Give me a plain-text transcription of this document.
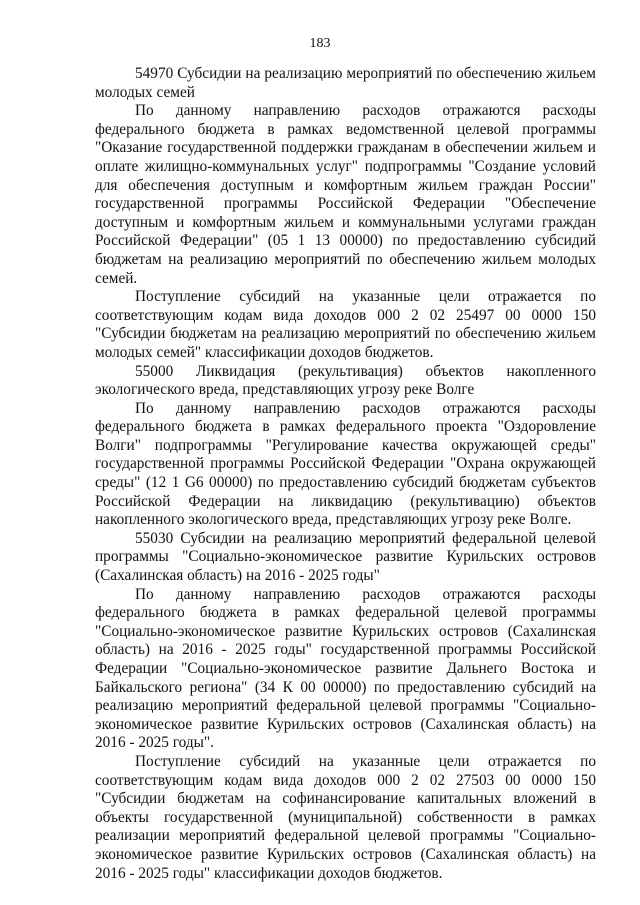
183

54970 Субсидии на реализацию мероприятий по обеспечению жильем молодых семей

По данному направлению расходов отражаются расходы федерального бюджета в рамках ведомственной целевой программы "Оказание государственной поддержки гражданам в обеспечении жильем и оплате жилищно-коммунальных услуг" подпрограммы "Создание условий для обеспечения доступным и комфортным жильем граждан России" государственной программы Российской Федерации "Обеспечение доступным и комфортным жильем и коммунальными услугами граждан Российской Федерации" (05 1 13 00000) по предоставлению субсидий бюджетам на реализацию мероприятий по обеспечению жильем молодых семей.

Поступление субсидий на указанные цели отражается по соответствующим кодам вида доходов 000 2 02 25497 00 0000 150 "Субсидии бюджетам на реализацию мероприятий по обеспечению жильем молодых семей" классификации доходов бюджетов.

55000 Ликвидация (рекультивация) объектов накопленного экологического вреда, представляющих угрозу реке Волге

По данному направлению расходов отражаются расходы федерального бюджета в рамках федерального проекта "Оздоровление Волги" подпрограммы "Регулирование качества окружающей среды" государственной программы Российской Федерации "Охрана окружающей среды" (12 1 G6 00000) по предоставлению субсидий бюджетам субъектов Российской Федерации на ликвидацию (рекультивацию) объектов накопленного экологического вреда, представляющих угрозу реке Волге.

55030 Субсидии на реализацию мероприятий федеральной целевой программы "Социально-экономическое развитие Курильских островов (Сахалинская область) на 2016 - 2025 годы"

По данному направлению расходов отражаются расходы федерального бюджета в рамках федеральной целевой программы "Социально-экономическое развитие Курильских островов (Сахалинская область) на 2016 - 2025 годы" государственной программы Российской Федерации "Социально-экономическое развитие Дальнего Востока и Байкальского региона" (34 К 00 00000) по предоставлению субсидий на реализацию мероприятий федеральной целевой программы "Социально-экономическое развитие Курильских островов (Сахалинская область) на 2016 - 2025 годы".

Поступление субсидий на указанные цели отражается по соответствующим кодам вида доходов 000 2 02 27503 00 0000 150 "Субсидии бюджетам на софинансирование капитальных вложений в объекты государственной (муниципальной) собственности в рамках реализации мероприятий федеральной целевой программы "Социально-экономическое развитие Курильских островов (Сахалинская область) на 2016 - 2025 годы" классификации доходов бюджетов.
